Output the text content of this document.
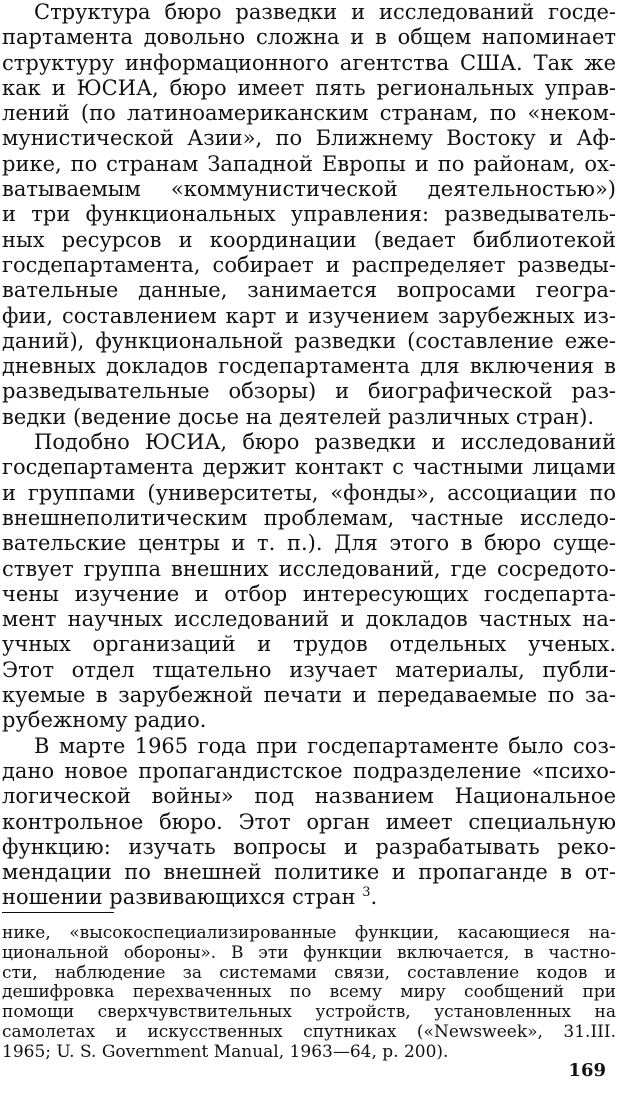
Структура бюро разведки и исследований госде-
партамента довольно сложна и в общем напоминает
структуру информационного агентства США. Так же
как и ЮСИА, бюро имеет пять региональных управ-
лений (по латиноамериканским странам, по «неком-
мунистической Азии», по Ближнему Востоку и Аф-
рике, по странам Западной Европы и по районам, ох-
ватываемым «коммунистической деятельностью»)
и три функциональных управления: разведыватель-
ных ресурсов и координации (ведает библиотекой
госдепартамента, собирает и распределяет разведы-
вательные данные, занимается вопросами геогра-
фии, составлением карт и изучением зарубежных из-
даний), функциональной разведки (составление еже-
дневных докладов госдепартамента для включения в
разведывательные обзоры) и биографической раз-
ведки (ведение досье на деятелей различных стран).
Подобно ЮСИА, бюро разведки и исследований
госдепартамента держит контакт с частными лицами
и группами (университеты, «фонды», ассоциации по
внешнеполитическим проблемам, частные исследо-
вательские центры и т. п.). Для этого в бюро суще-
ствует группа внешних исследований, где сосредото-
чены изучение и отбор интересующих госдепарта-
мент научных исследований и докладов частных на-
учных организаций и трудов отдельных ученых.
Этот отдел тщательно изучает материалы, публи-
куемые в зарубежной печати и передаваемые по за-
рубежному радио.
В марте 1965 года при госдепартаменте было соз-
дано новое пропагандистское подразделение «психо-
логической войны» под названием Национальное
контрольное бюро. Этот орган имеет специальную
функцию: изучать вопросы и разрабатывать реко-
мендации по внешней политике и пропаганде в от-
ношении развивающихся стран $^3$.
нике, «высокоспециализированные функции, касающиеся на-
циональной обороны». В эти функции включается, в частно-
сти, наблюдение за системами связи, составление кодов и
дешифровка перехваченных по всему миру сообщений при
помощи сверхчувствительных устройств, установленных на
самолетах и искусственных спутниках («Newsweek», 31.III.
1965; U. S. Government Manual, 1963—64, p. 200).
169
